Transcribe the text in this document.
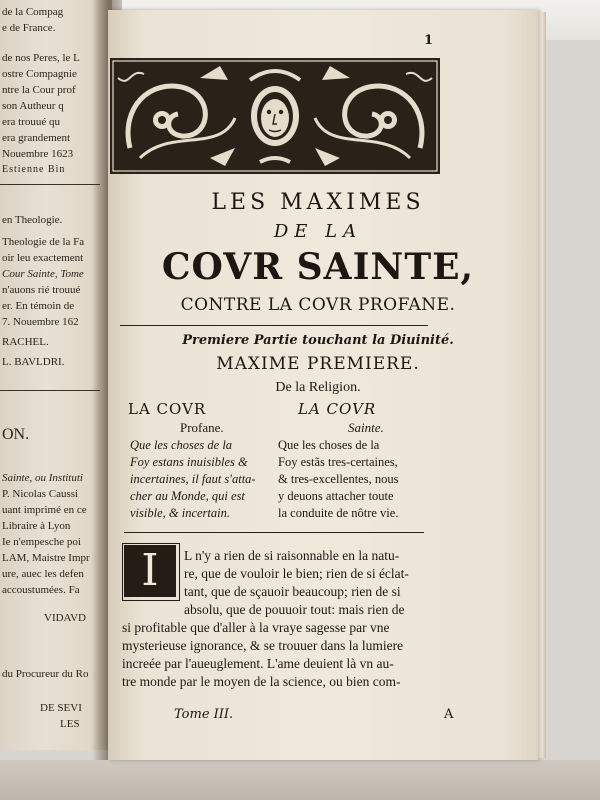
de la Compag
e de France.
de nos Peres, le L
ostre Compagnie
ntre la Cour prof
son Autheur q
era trouué qu
era grandement
Nouembre 1623
Estienne Bin
en Theologie.
Theologie de la Fa
oir leu exactement
Cour Sainte, Tome
n'auons rié trouué
er. En témoin de
7. Nouembre 162
RACHEL.
L. BAVLDRI.
ON.
Sainte, ou Instituti
P. Nicolas Caussi
uant imprimé en ce
Libraire à Lyon
Ie n'empesche poi
LAM, Maistre Impr
ure, auec les defen
accoustumées. Fa
VIDAVD
du Procureur du Ro
DE SEVI
LES
1
LES MAXIMES
DE LA
COVR SAINTE,
CONTRE LA COVR PROFANE.
Premiere Partie touchant la Diuinité.
MAXIME PREMIERE.
De la Religion.
LA COVR
Profane.
Que les choses de la
Foy estans inuisibles &
incertaines, il faut s'atta-
cher au Monde, qui est
visible, & incertain.
LA COVR
Sainte.
Que les choses de la
Foy estãs tres-certaines,
& tres-excellentes, nous
y deuons attacher toute
la conduite de nôtre vie.
I	L n'y a rien de si raisonnable en la natu-
re, que de vouloir le bien; rien de si éclat-
tant, que de sçauoir beaucoup; rien de si
absolu, que de pouuoir tout: mais rien de
si profitable que d'aller à la vraye sagesse par vne
mysterieuse ignorance, & se trouuer dans la lumiere
increée par l'aueuglement. L'ame deuient là vn au-
tre monde par le moyen de la science, ou bien com-
Tome III.	A
